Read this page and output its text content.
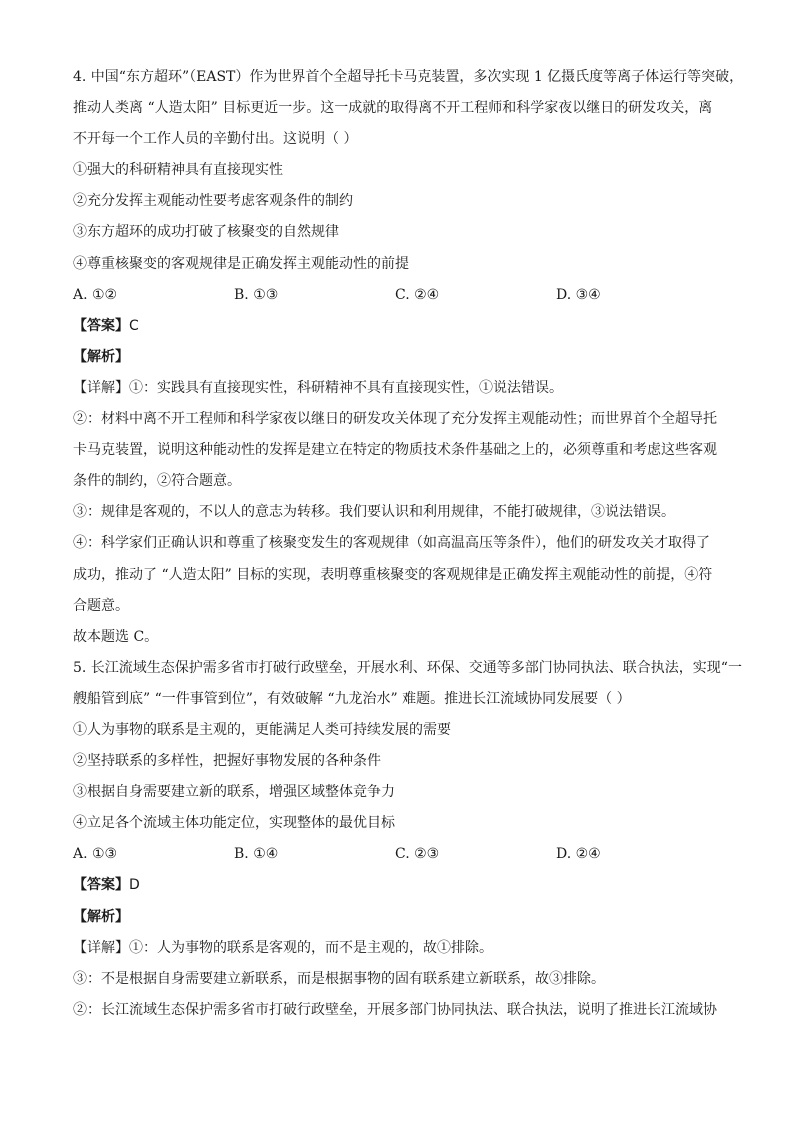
4. 中国“东方超环”（EAST）作为世界首个全超导托卡马克装置，多次实现 1 亿摄氏度等离子体运行等突破，
推动人类离 “人造太阳” 目标更近一步。这一成就的取得离不开工程师和科学家夜以继日的研发攻关，离
不开每一个工作人员的辛勤付出。这说明（ ）
①强大的科研精神具有直接现实性
②充分发挥主观能动性要考虑客观条件的制约
③东方超环的成功打破了核聚变的自然规律
④尊重核聚变的客观规律是正确发挥主观能动性的前提
A. ①②	B. ①③	C. ②④	D. ③④
【答案】C
【解析】
【详解】①：实践具有直接现实性，科研精神不具有直接现实性，①说法错误。
②：材料中离不开工程师和科学家夜以继日的研发攻关体现了充分发挥主观能动性；而世界首个全超导托
卡马克装置，说明这种能动性的发挥是建立在特定的物质技术条件基础之上的，必须尊重和考虑这些客观
条件的制约，②符合题意。
③：规律是客观的，不以人的意志为转移。我们要认识和利用规律，不能打破规律，③说法错误。
④：科学家们正确认识和尊重了核聚变发生的客观规律（如高温高压等条件），他们的研发攻关才取得了
成功，推动了 “人造太阳” 目标的实现，表明尊重核聚变的客观规律是正确发挥主观能动性的前提，④符
合题意。
故本题选 C。
5. 长江流域生态保护需多省市打破行政壁垒，开展水利、环保、交通等多部门协同执法、联合执法，实现“一
艘船管到底” “一件事管到位”，有效破解 “九龙治水” 难题。推进长江流域协同发展要（ ）
①人为事物的联系是主观的，更能满足人类可持续发展的需要
②坚持联系的多样性，把握好事物发展的各种条件
③根据自身需要建立新的联系，增强区域整体竞争力
④立足各个流域主体功能定位，实现整体的最优目标
A. ①③	B. ①④	C. ②③	D. ②④
【答案】D
【解析】
【详解】①：人为事物的联系是客观的，而不是主观的，故①排除。
③：不是根据自身需要建立新联系，而是根据事物的固有联系建立新联系，故③排除。
②：长江流域生态保护需多省市打破行政壁垒，开展多部门协同执法、联合执法，说明了推进长江流域协
